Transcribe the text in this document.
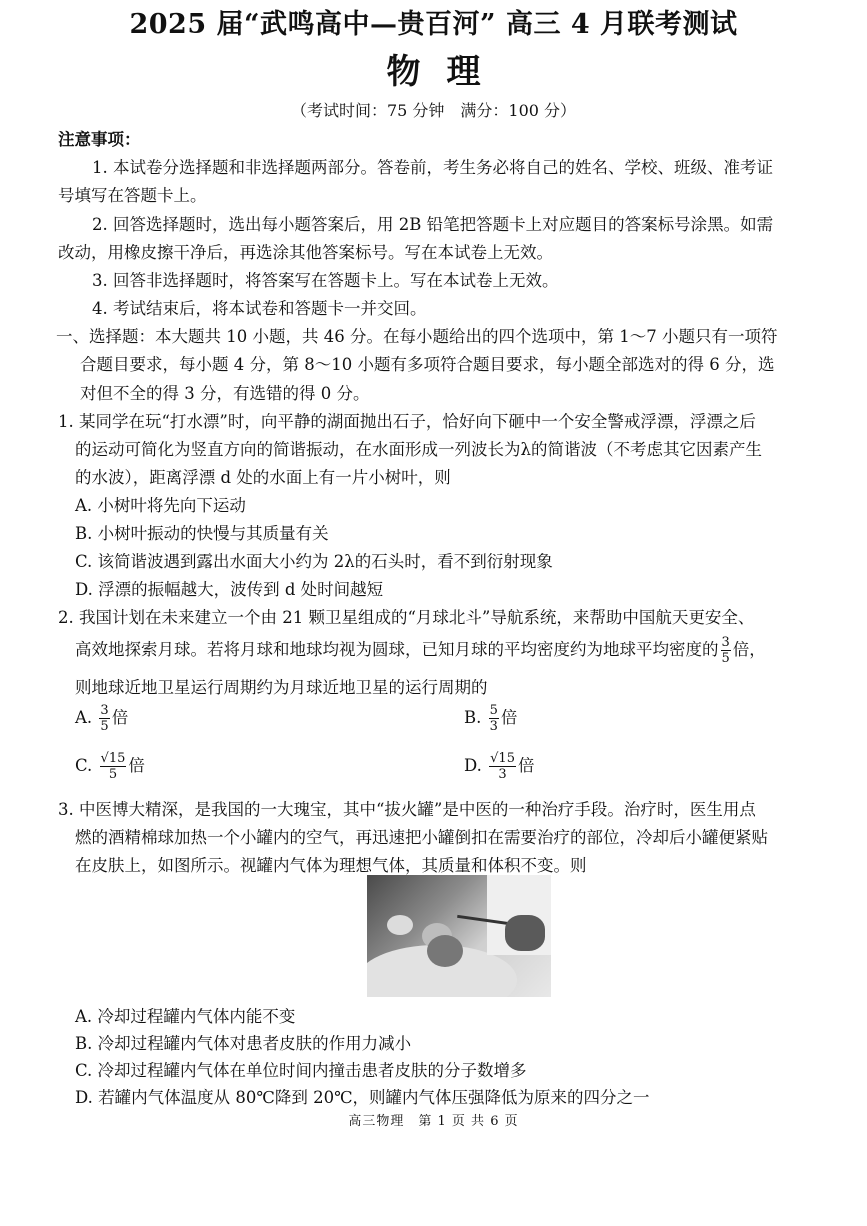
2025 届“武鸣高中—贵百河” 高三 4 月联考测试
物理
（考试时间：75 分钟　满分：100 分）
注意事项：
1. 本试卷分选择题和非选择题两部分。答卷前，考生务必将自己的姓名、学校、班级、准考证
号填写在答题卡上。
2. 回答选择题时，选出每小题答案后，用 2B 铅笔把答题卡上对应题目的答案标号涂黑。如需
改动，用橡皮擦干净后，再选涂其他答案标号。写在本试卷上无效。
3. 回答非选择题时，将答案写在答题卡上。写在本试卷上无效。
4. 考试结束后，将本试卷和答题卡一并交回。
一、选择题：本大题共 10 小题，共 46 分。在每小题给出的四个选项中，第 1～7 小题只有一项符
合题目要求，每小题 4 分，第 8～10 小题有多项符合题目要求，每小题全部选对的得 6 分，选
对但不全的得 3 分，有选错的得 0 分。
1. 某同学在玩“打水漂”时，向平静的湖面抛出石子，恰好向下砸中一个安全警戒浮漂，浮漂之后
的运动可简化为竖直方向的简谐振动，在水面形成一列波长为λ的简谐波（不考虑其它因素产生
的水波），距离浮漂 d 处的水面上有一片小树叶，则
A. 小树叶将先向下运动
B. 小树叶振动的快慢与其质量有关
C. 该简谐波遇到露出水面大小约为 2λ的石头时，看不到衍射现象
D. 浮漂的振幅越大，波传到 d 处时间越短
2. 我国计划在未来建立一个由 21 颗卫星组成的“月球北斗”导航系统，来帮助中国航天更安全、
高效地探索月球。若将月球和地球均视为圆球，已知月球的平均密度约为地球平均密度的 $\frac{3}{5}$ 倍，
则地球近地卫星运行周期约为月球近地卫星的运行周期的
A. $\frac{3}{5}$ 倍	B. $\frac{5}{3}$ 倍
C. $\frac{√15}{5}$ 倍	D. $\frac{√15}{3}$ 倍
3. 中医博大精深，是我国的一大瑰宝，其中“拔火罐”是中医的一种治疗手段。治疗时，医生用点
燃的酒精棉球加热一个小罐内的空气，再迅速把小罐倒扣在需要治疗的部位，冷却后小罐便紧贴
在皮肤上，如图所示。视罐内气体为理想气体，其质量和体积不变。则
A. 冷却过程罐内气体内能不变
B. 冷却过程罐内气体对患者皮肤的作用力减小
C. 冷却过程罐内气体在单位时间内撞击患者皮肤的分子数增多
D. 若罐内气体温度从 80℃降到 20℃，则罐内气体压强降低为原来的四分之一
高三物理　第 1 页 共 6 页
